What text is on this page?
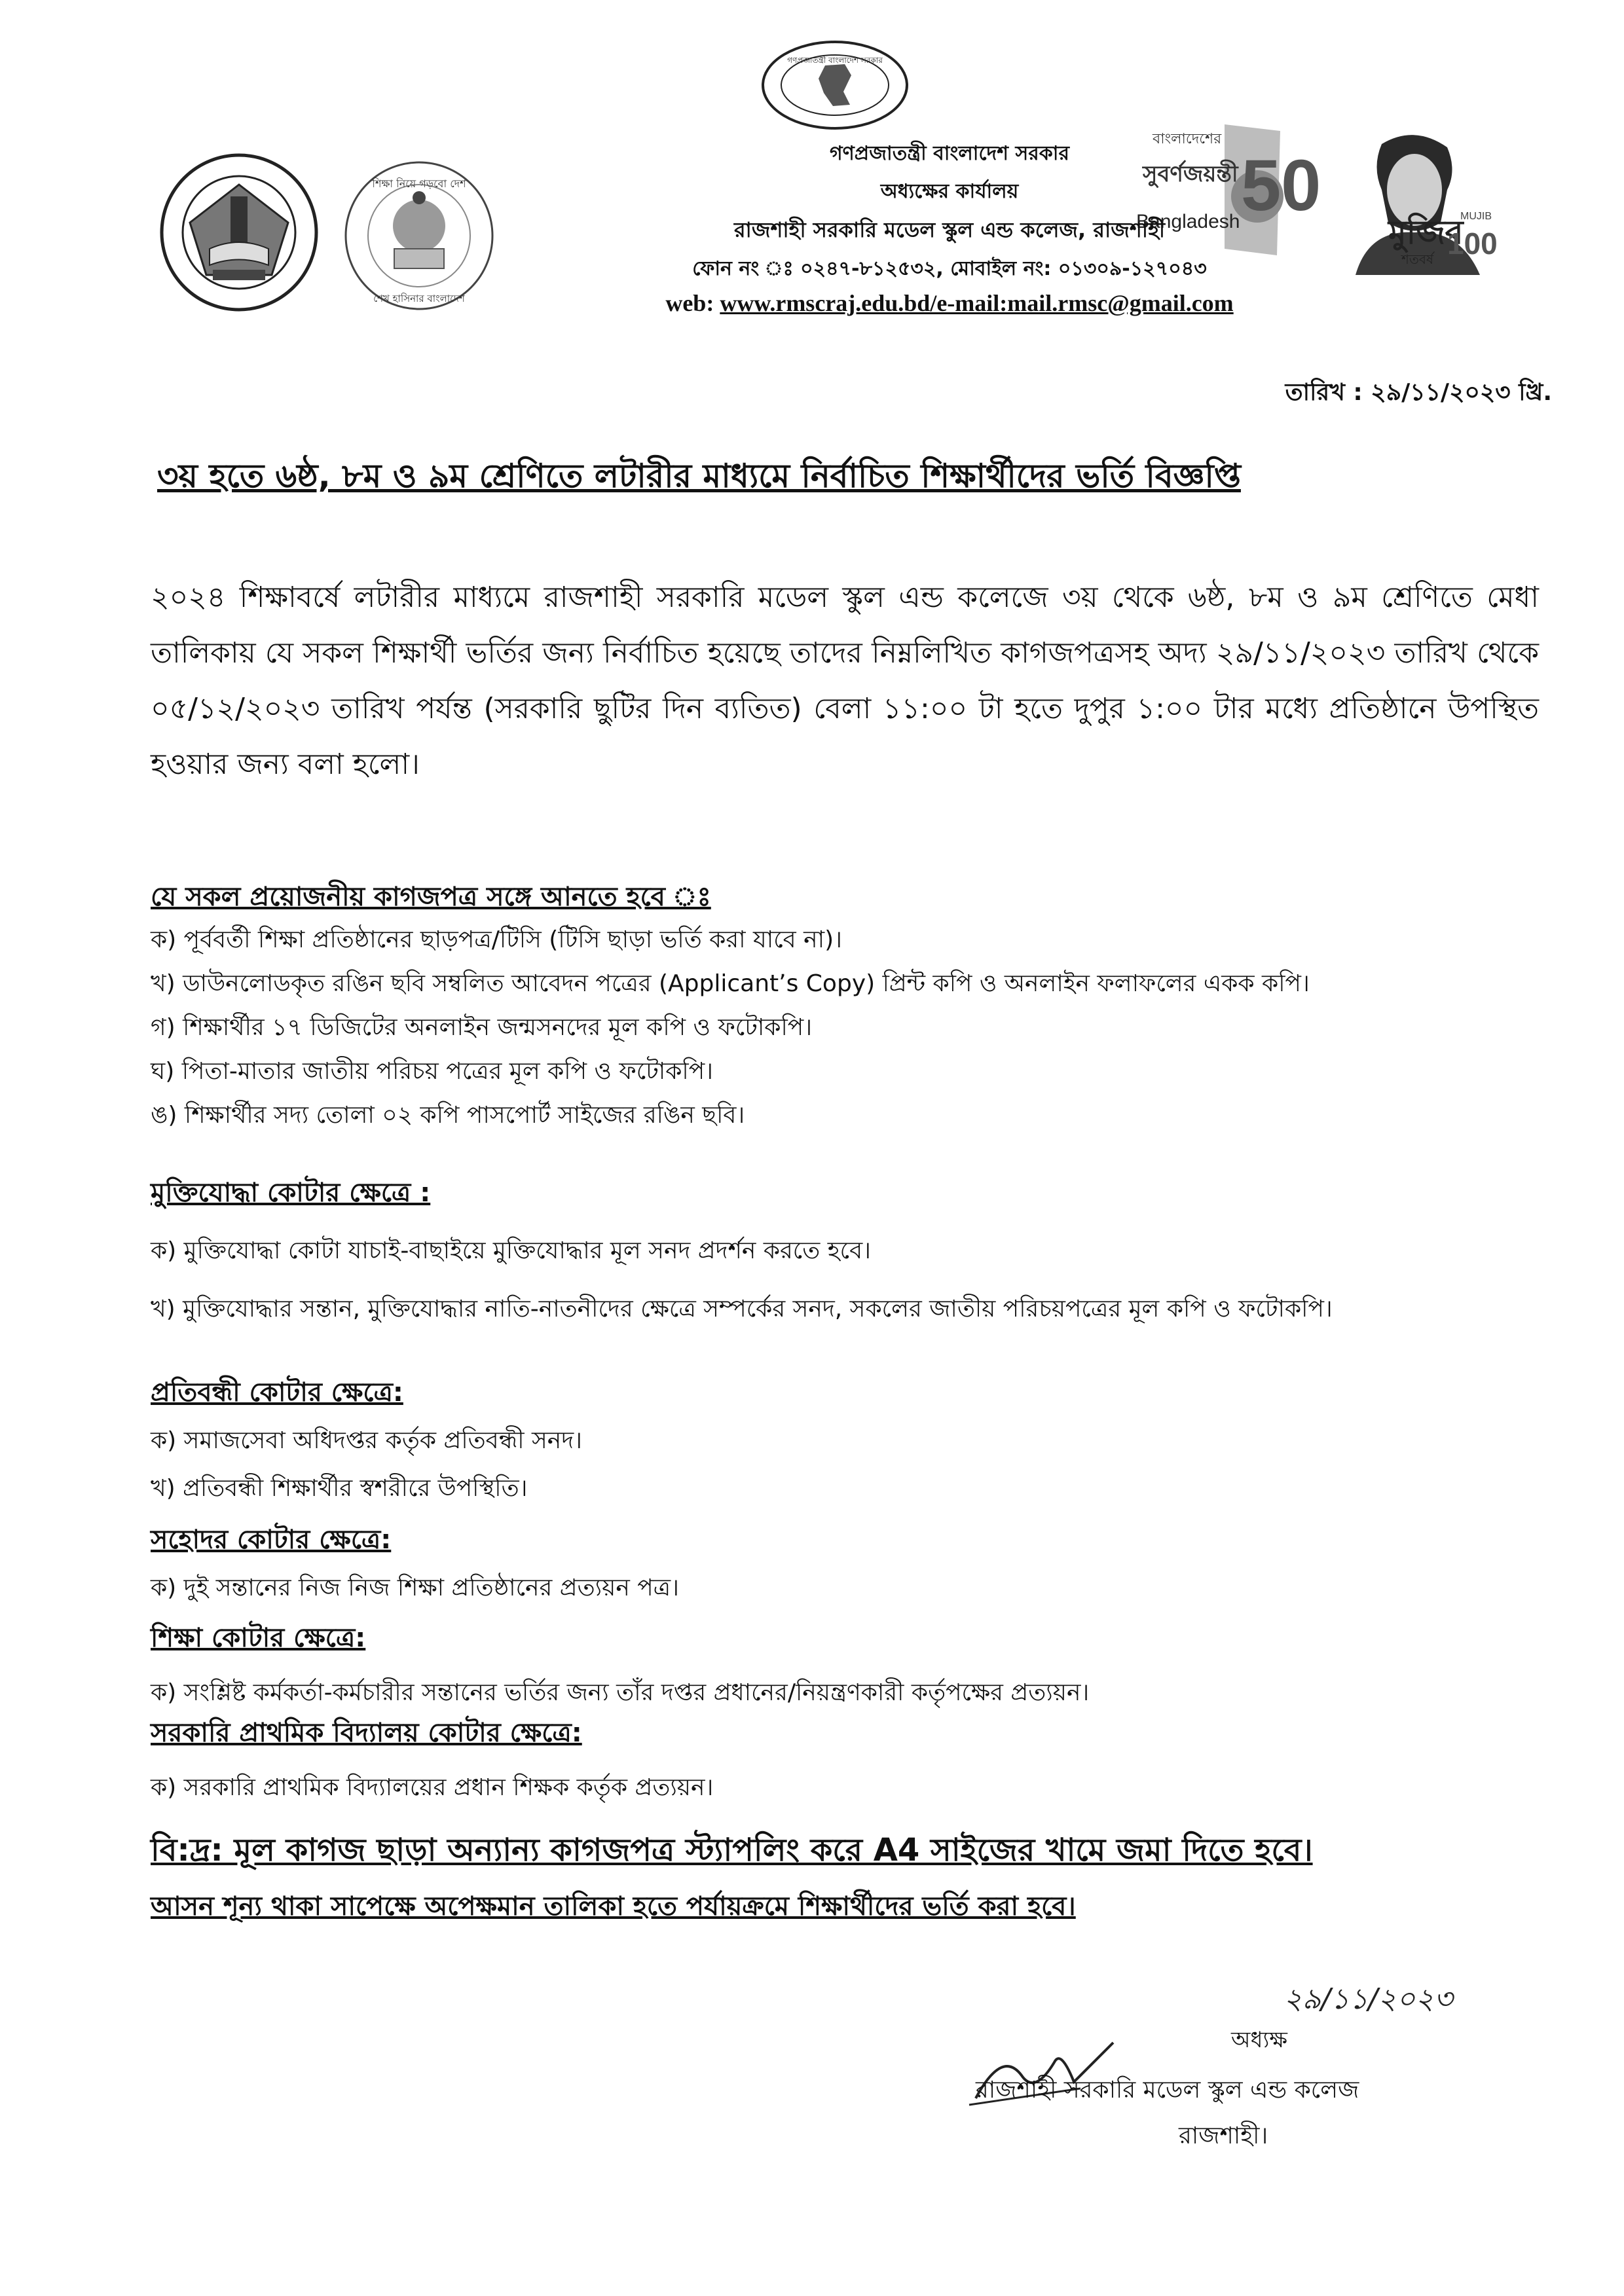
শিক্ষা নিয়ে গড়বো দেশ
শেখ হাসিনার বাংলাদেশ
গণপ্রজাতন্ত্রী বাংলাদেশ সরকার
বাংলাদেশের
সুবর্ণজয়ন্তী
Bangladesh 50
মুজিব
শতবর্ষ
MUJIB
100
গণপ্রজাতন্ত্রী বাংলাদেশ সরকার
অধ্যক্ষের কার্যালয়
রাজশাহী সরকারি মডেল স্কুল এন্ড কলেজ, রাজশাহী
ফোন নং ঃ ০২৪৭-৮১২৫৩২, মোবাইল নং: ০১৩০৯-১২৭০৪৩
web: www.rmscraj.edu.bd/e-mail:mail.rmsc@gmail.com
তারিখ : ২৯/১১/২০২৩ খ্রি.
৩য় হতে ৬ষ্ঠ, ৮ম ও ৯ম শ্রেণিতে লটারীর মাধ্যমে নির্বাচিত শিক্ষার্থীদের ভর্তি বিজ্ঞপ্তি
২০২৪ শিক্ষাবর্ষে লটারীর মাধ্যমে রাজশাহী সরকারি মডেল স্কুল এন্ড কলেজে ৩য় থেকে ৬ষ্ঠ, ৮ম ও ৯ম শ্রেণিতে মেধা তালিকায় যে সকল শিক্ষার্থী ভর্তির জন্য নির্বাচিত হয়েছে তাদের নিম্নলিখিত কাগজপত্রসহ অদ্য ২৯/১১/২০২৩ তারিখ থেকে ০৫/১২/২০২৩ তারিখ পর্যন্ত (সরকারি ছুটির দিন ব্যতিত) বেলা ১১:০০ টা হতে দুপুর ১:০০ টার মধ্যে প্রতিষ্ঠানে উপস্থিত হওয়ার জন্য বলা হলো।
যে সকল প্রয়োজনীয় কাগজপত্র সঙ্গে আনতে হবে ঃ
ক) পূর্ববর্তী শিক্ষা প্রতিষ্ঠানের ছাড়পত্র/টিসি (টিসি ছাড়া ভর্তি করা যাবে না)।
খ) ডাউনলোডকৃত রঙিন ছবি সম্বলিত আবেদন পত্রের (Applicant’s Copy) প্রিন্ট কপি ও অনলাইন ফলাফলের একক কপি।
গ) শিক্ষার্থীর ১৭ ডিজিটের অনলাইন জন্মসনদের মূল কপি ও ফটোকপি।
ঘ) পিতা-মাতার জাতীয় পরিচয় পত্রের মূল কপি ও ফটোকপি।
ঙ) শিক্ষার্থীর সদ্য তোলা ০২ কপি পাসপোর্ট সাইজের রঙিন ছবি।
মুক্তিযোদ্ধা কোটার ক্ষেত্রে :
ক) মুক্তিযোদ্ধা কোটা যাচাই-বাছাইয়ে মুক্তিযোদ্ধার মূল সনদ প্রদর্শন করতে হবে।
খ) মুক্তিযোদ্ধার সন্তান, মুক্তিযোদ্ধার নাতি-নাতনীদের ক্ষেত্রে সম্পর্কের সনদ, সকলের জাতীয় পরিচয়পত্রের মূল কপি ও ফটোকপি।
প্রতিবন্ধী কোটার ক্ষেত্রে:
ক) সমাজসেবা অধিদপ্তর কর্তৃক প্রতিবন্ধী সনদ।
খ) প্রতিবন্ধী শিক্ষার্থীর স্বশরীরে উপস্থিতি।
সহোদর কোটার ক্ষেত্রে:
ক) দুই সন্তানের নিজ নিজ শিক্ষা প্রতিষ্ঠানের প্রত্যয়ন পত্র।
শিক্ষা কোটার ক্ষেত্রে:
ক) সংশ্লিষ্ট কর্মকর্তা-কর্মচারীর সন্তানের ভর্তির জন্য তাঁর দপ্তর প্রধানের/নিয়ন্ত্রণকারী কর্তৃপক্ষের প্রত্যয়ন।
সরকারি প্রাথমিক বিদ্যালয় কোটার ক্ষেত্রে:
ক) সরকারি প্রাথমিক বিদ্যালয়ের প্রধান শিক্ষক কর্তৃক প্রত্যয়ন।
বি:দ্র: মূল কাগজ ছাড়া অন্যান্য কাগজপত্র স্ট্যাপলিং করে A4 সাইজের খামে জমা দিতে হবে।
আসন শূন্য থাকা সাপেক্ষে অপেক্ষমান তালিকা হতে পর্যায়ক্রমে শিক্ষার্থীদের ভর্তি করা হবে।
২৯/১১/২০২৩
অধ্যক্ষ
রাজশাহী সরকারি মডেল স্কুল এন্ড কলেজ
রাজশাহী।
